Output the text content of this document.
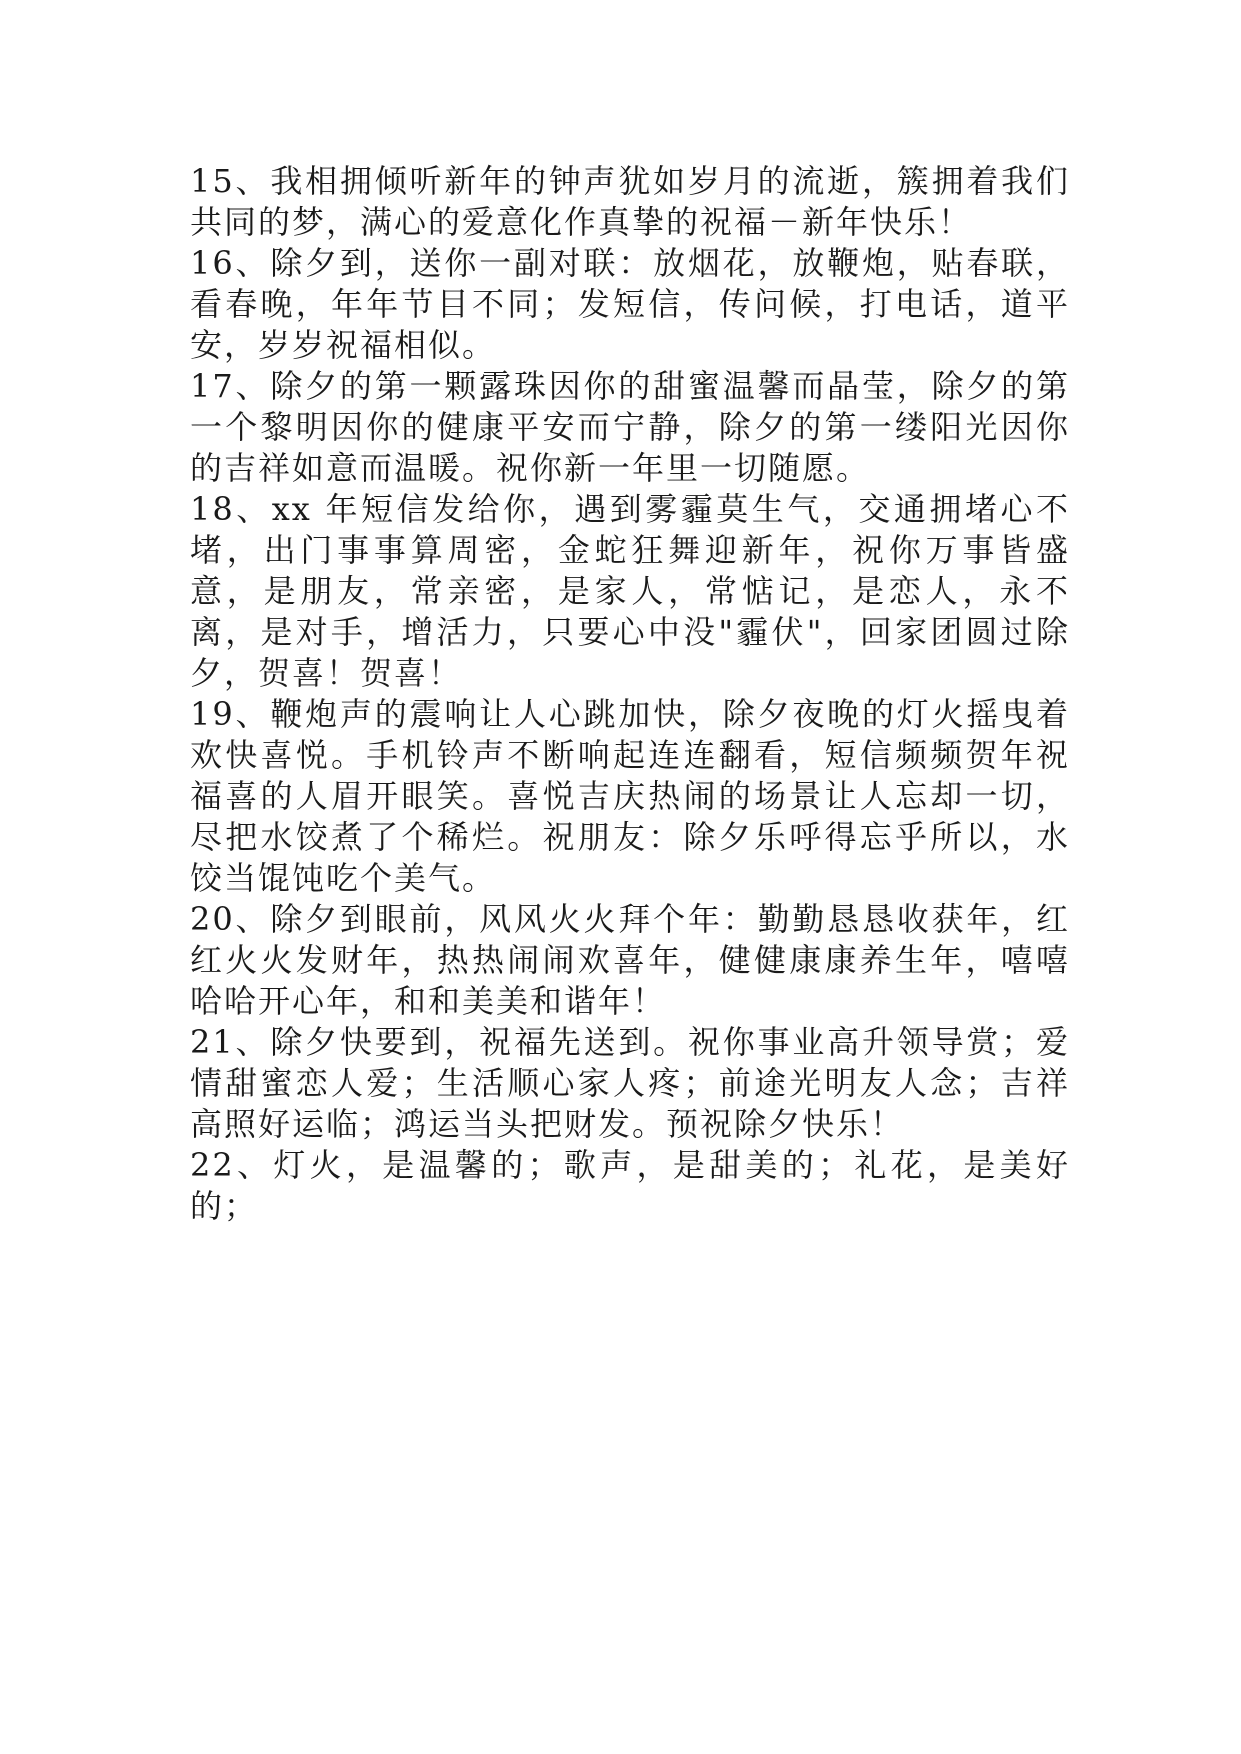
15、我相拥倾听新年的钟声犹如岁月的流逝，簇拥着我们共同的梦，满心的爱意化作真挚的祝福－新年快乐！

16、除夕到，送你一副对联：放烟花，放鞭炮，贴春联，看春晚，年年节目不同；发短信，传问候，打电话，道平安，岁岁祝福相似。

17、除夕的第一颗露珠因你的甜蜜温馨而晶莹，除夕的第一个黎明因你的健康平安而宁静，除夕的第一缕阳光因你的吉祥如意而温暖。祝你新一年里一切随愿。

18、xx 年短信发给你，遇到雾霾莫生气，交通拥堵心不堵，出门事事算周密，金蛇狂舞迎新年，祝你万事皆盛意，是朋友，常亲密，是家人，常惦记，是恋人，永不离，是对手，增活力，只要心中没"霾伏"，回家团圆过除夕，贺喜！贺喜！

19、鞭炮声的震响让人心跳加快，除夕夜晚的灯火摇曳着欢快喜悦。手机铃声不断响起连连翻看，短信频频贺年祝福喜的人眉开眼笑。喜悦吉庆热闹的场景让人忘却一切，尽把水饺煮了个稀烂。祝朋友：除夕乐呼得忘乎所以，水饺当馄饨吃个美气。

20、除夕到眼前，风风火火拜个年：勤勤恳恳收获年，红红火火发财年，热热闹闹欢喜年，健健康康养生年，嘻嘻哈哈开心年，和和美美和谐年！

21、除夕快要到，祝福先送到。祝你事业高升领导赏；爱情甜蜜恋人爱；生活顺心家人疼；前途光明友人念；吉祥高照好运临；鸿运当头把财发。预祝除夕快乐！

22、灯火，是温馨的；歌声，是甜美的；礼花，是美好的；
